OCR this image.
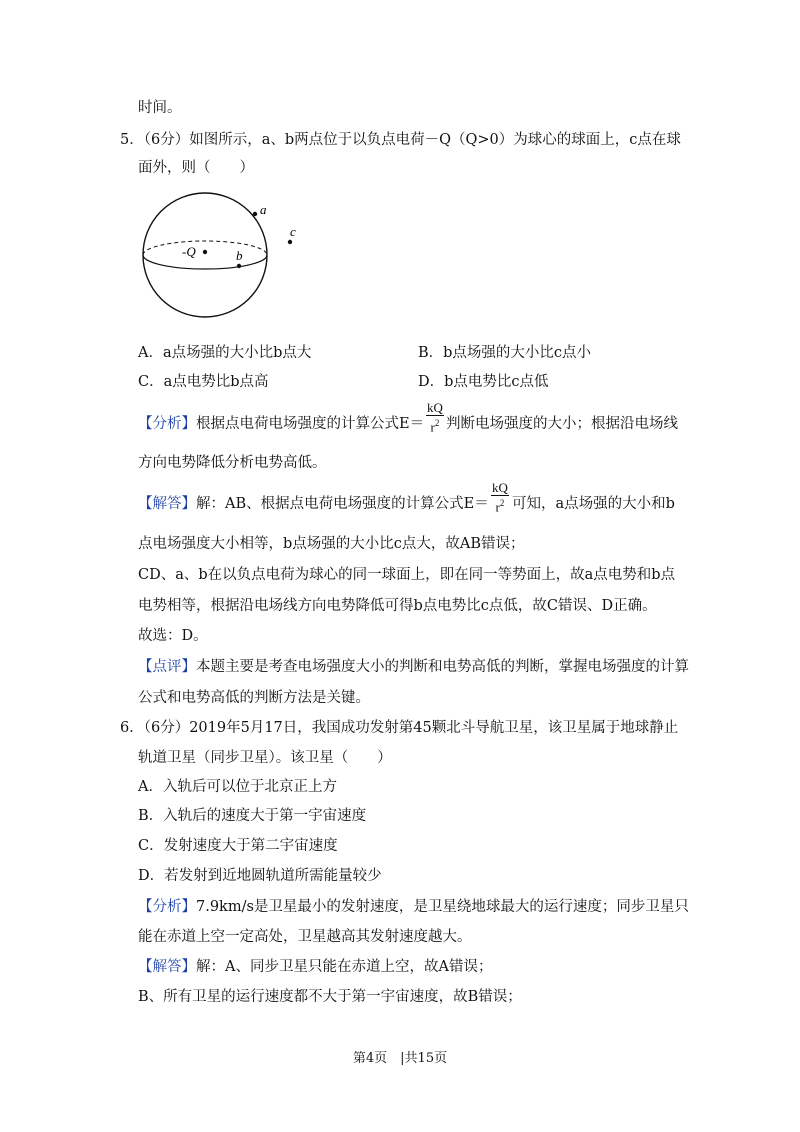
时间。
5．（6分）如图所示，a、b两点位于以负点电荷－Q（Q>0）为球心的球面上，c点在球
面外，则（　　）
-Q
a
b
c
A．a点场强的大小比b点大	B．b点场强的大小比c点小
C．a点电势比b点高	D．b点电势比c点低
【分析】根据点电荷电场强度的计算公式$E= \frac{kQ}{r^2}$ 判断电场强度的大小；根据沿电场线
方向电势降低分析电势高低。
【解答】解：AB、根据点电荷电场强度的计算公式$E= \frac{kQ}{r^2}$ 可知，a点场强的大小和b
点电场强度大小相等，b点场强的大小比c点大，故AB错误；
CD、a、b在以负点电荷为球心的同一球面上，即在同一等势面上，故a点电势和b点
电势相等，根据沿电场线方向电势降低可得b点电势比c点低，故C错误、D正确。
故选：D。
【点评】本题主要是考查电场强度大小的判断和电势高低的判断，掌握电场强度的计算
公式和电势高低的判断方法是关键。
6．（6分）2019年5月17日，我国成功发射第45颗北斗导航卫星，该卫星属于地球静止
轨道卫星（同步卫星）。该卫星（　　）
A．入轨后可以位于北京正上方
B．入轨后的速度大于第一宇宙速度
C．发射速度大于第二宇宙速度
D．若发射到近地圆轨道所需能量较少
【分析】7.9km/s是卫星最小的发射速度，是卫星绕地球最大的运行速度；同步卫星只
能在赤道上空一定高处，卫星越高其发射速度越大。
【解答】解：A、同步卫星只能在赤道上空，故A错误；
B、所有卫星的运行速度都不大于第一宇宙速度，故B错误；
第4页　|共15页
